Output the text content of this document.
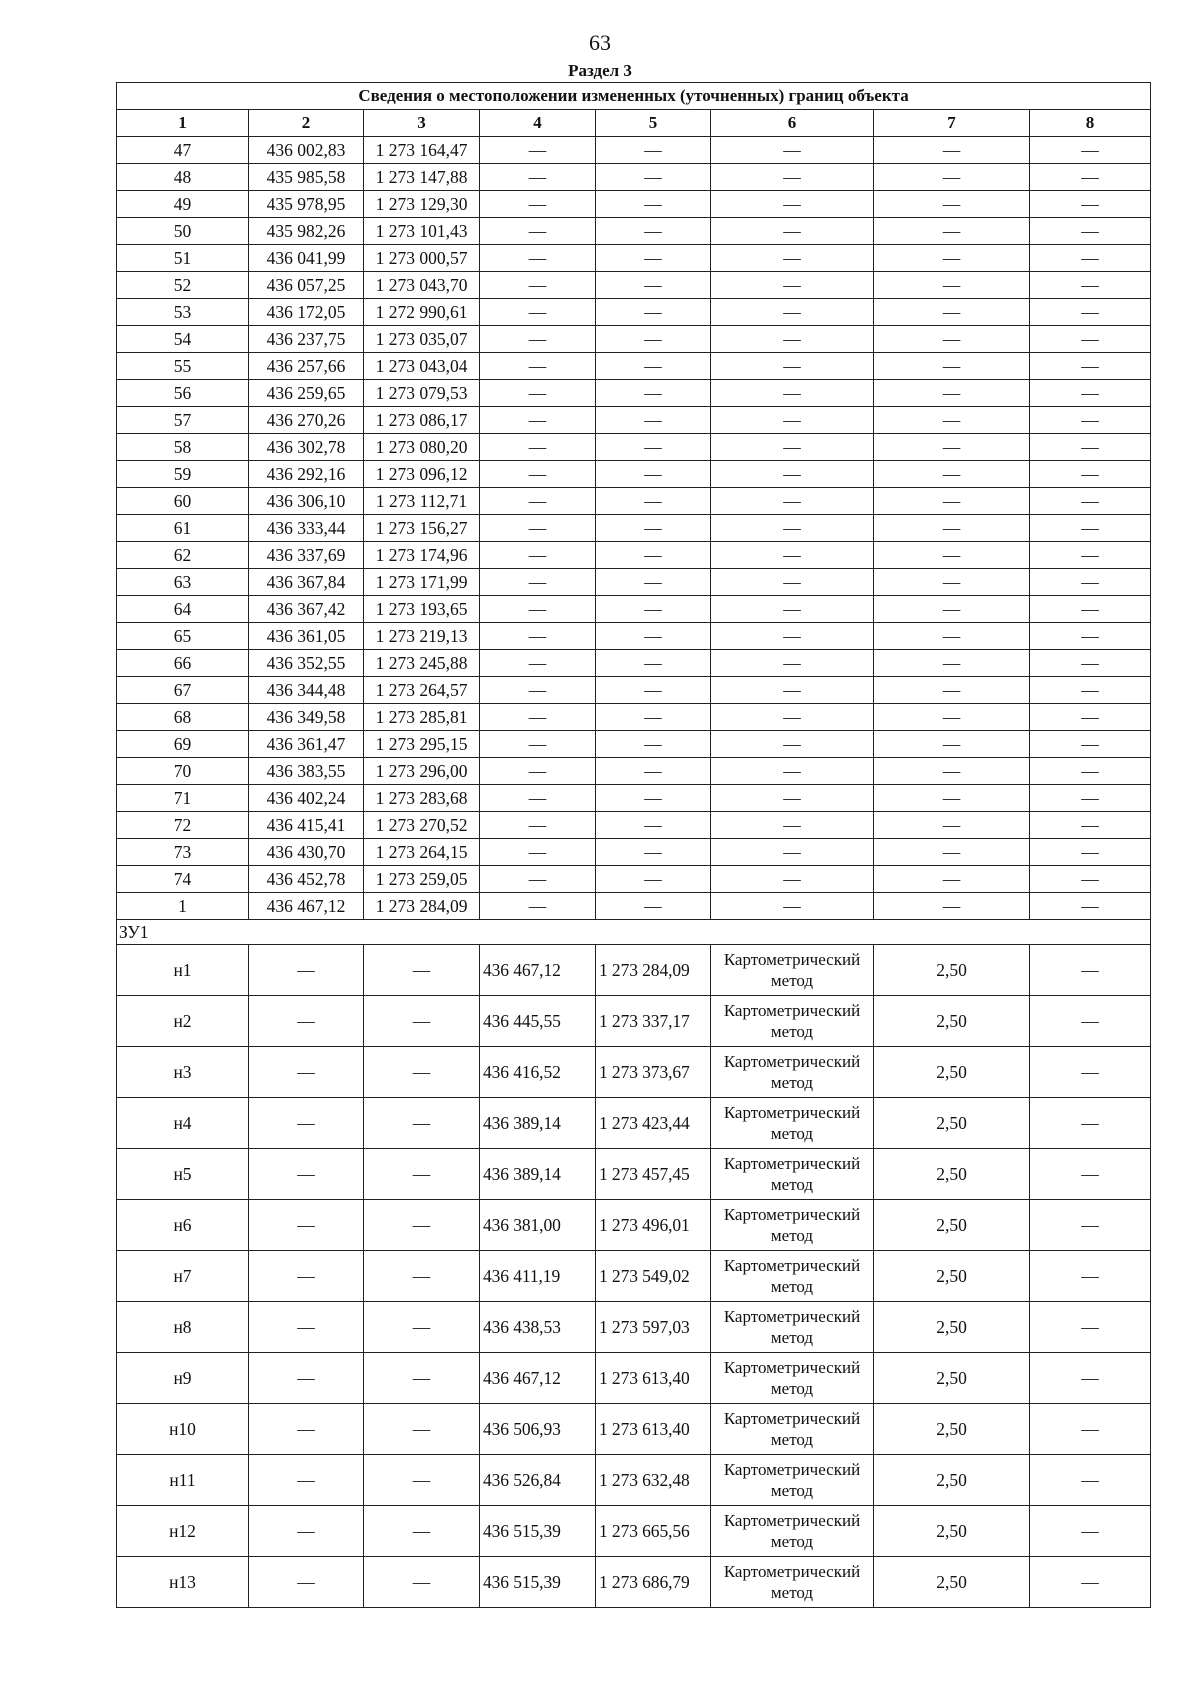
63
Раздел 3
Сведения о местоположении измененных (уточненных) границ объекта							
1	2	3	4	5	6	7	8
47	436 002,83	1 273 164,47	—	—	—	—	—
48	435 985,58	1 273 147,88	—	—	—	—	—
49	435 978,95	1 273 129,30	—	—	—	—	—
50	435 982,26	1 273 101,43	—	—	—	—	—
51	436 041,99	1 273 000,57	—	—	—	—	—
52	436 057,25	1 273 043,70	—	—	—	—	—
53	436 172,05	1 272 990,61	—	—	—	—	—
54	436 237,75	1 273 035,07	—	—	—	—	—
55	436 257,66	1 273 043,04	—	—	—	—	—
56	436 259,65	1 273 079,53	—	—	—	—	—
57	436 270,26	1 273 086,17	—	—	—	—	—
58	436 302,78	1 273 080,20	—	—	—	—	—
59	436 292,16	1 273 096,12	—	—	—	—	—
60	436 306,10	1 273 112,71	—	—	—	—	—
61	436 333,44	1 273 156,27	—	—	—	—	—
62	436 337,69	1 273 174,96	—	—	—	—	—
63	436 367,84	1 273 171,99	—	—	—	—	—
64	436 367,42	1 273 193,65	—	—	—	—	—
65	436 361,05	1 273 219,13	—	—	—	—	—
66	436 352,55	1 273 245,88	—	—	—	—	—
67	436 344,48	1 273 264,57	—	—	—	—	—
68	436 349,58	1 273 285,81	—	—	—	—	—
69	436 361,47	1 273 295,15	—	—	—	—	—
70	436 383,55	1 273 296,00	—	—	—	—	—
71	436 402,24	1 273 283,68	—	—	—	—	—
72	436 415,41	1 273 270,52	—	—	—	—	—
73	436 430,70	1 273 264,15	—	—	—	—	—
74	436 452,78	1 273 259,05	—	—	—	—	—
1	436 467,12	1 273 284,09	—	—	—	—	—
ЗУ1							
н1	—	—	436 467,12	1 273 284,09	Картометрический метод	2,50	—
н2	—	—	436 445,55	1 273 337,17	Картометрический метод	2,50	—
н3	—	—	436 416,52	1 273 373,67	Картометрический метод	2,50	—
н4	—	—	436 389,14	1 273 423,44	Картометрический метод	2,50	—
н5	—	—	436 389,14	1 273 457,45	Картометрический метод	2,50	—
н6	—	—	436 381,00	1 273 496,01	Картометрический метод	2,50	—
н7	—	—	436 411,19	1 273 549,02	Картометрический метод	2,50	—
н8	—	—	436 438,53	1 273 597,03	Картометрический метод	2,50	—
н9	—	—	436 467,12	1 273 613,40	Картометрический метод	2,50	—
н10	—	—	436 506,93	1 273 613,40	Картометрический метод	2,50	—
н11	—	—	436 526,84	1 273 632,48	Картометрический метод	2,50	—
н12	—	—	436 515,39	1 273 665,56	Картометрический метод	2,50	—
н13	—	—	436 515,39	1 273 686,79	Картометрический метод	2,50	—
